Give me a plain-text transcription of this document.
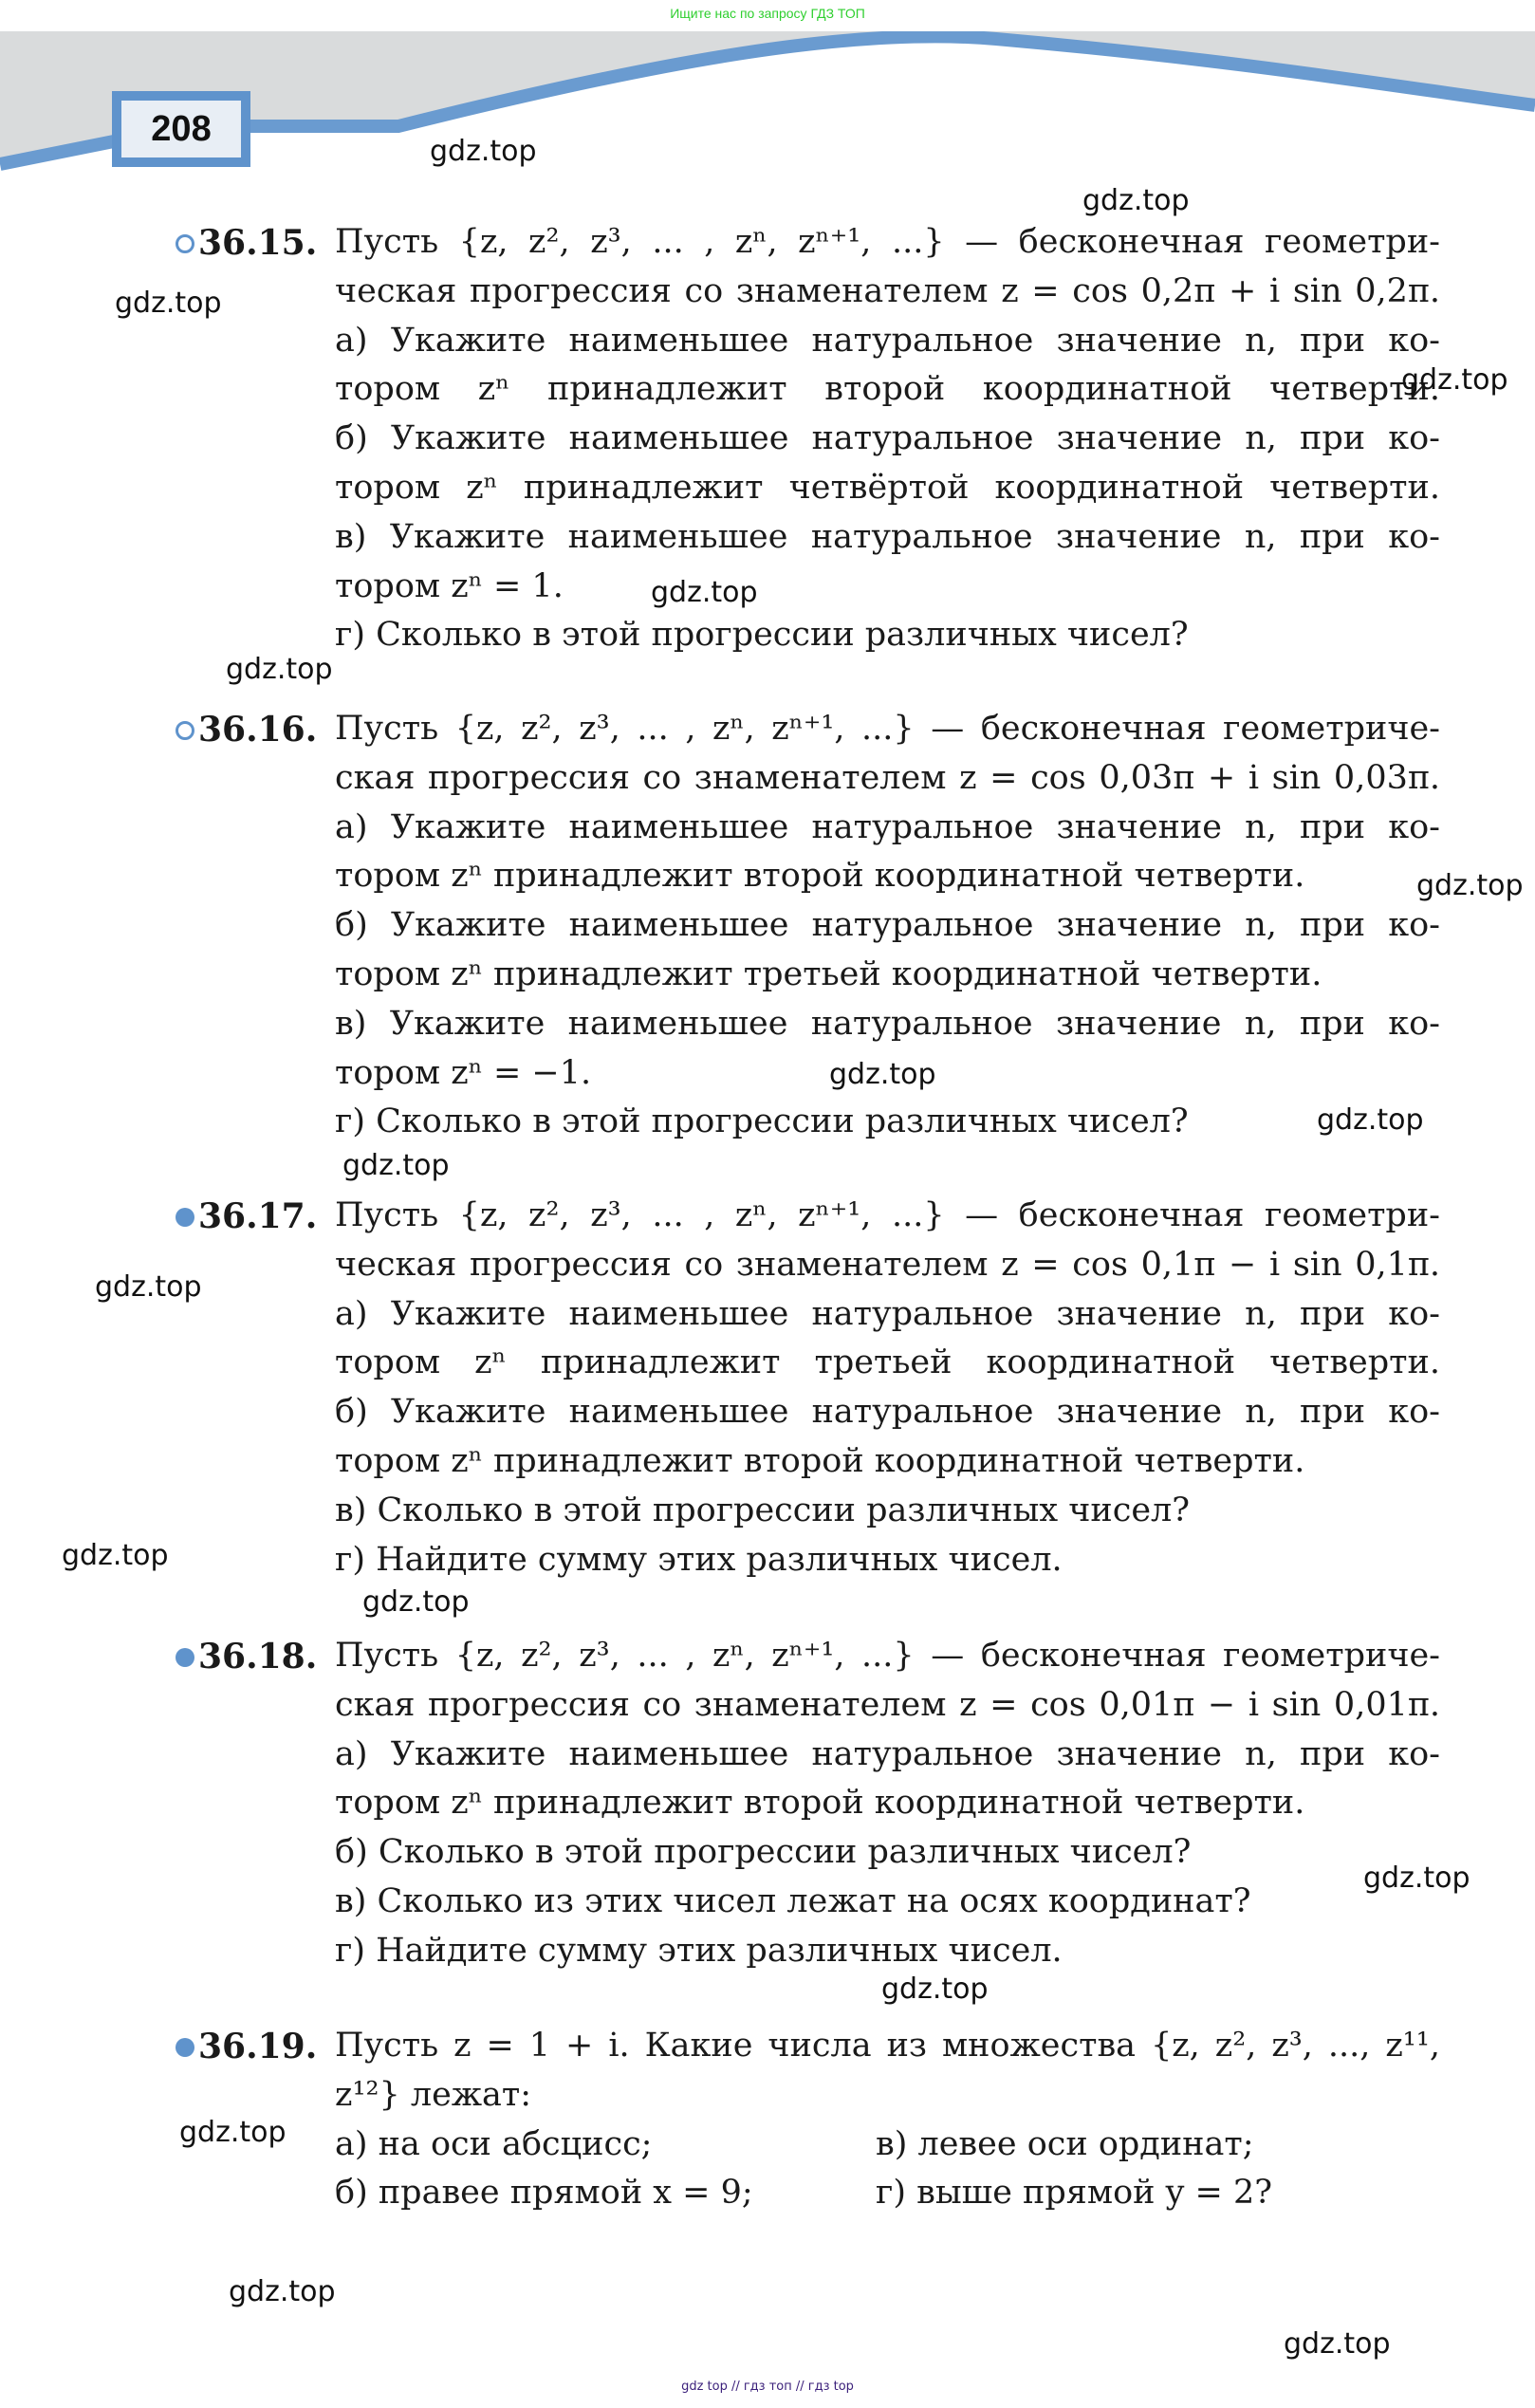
Ищите нас по запросу ГДЗ ТОП
208
36.15. Пусть {z, z², z³, ... , zⁿ, zⁿ⁺¹, ...} — бесконечная геометри-
ческая прогрессия со знаменателем z = cos 0,2π + i sin 0,2π.
а) Укажите наименьшее натуральное значение n, при ко-
тором zⁿ принадлежит второй координатной четверти.
б) Укажите наименьшее натуральное значение n, при ко-
тором zⁿ принадлежит четвёртой координатной четверти.
в) Укажите наименьшее натуральное значение n, при ко-
тором zⁿ = 1.
г) Сколько в этой прогрессии различных чисел?
36.16. Пусть {z, z², z³, ... , zⁿ, zⁿ⁺¹, ...} — бесконечная геометриче-
ская прогрессия со знаменателем z = cos 0,03π + i sin 0,03π.
а) Укажите наименьшее натуральное значение n, при ко-
тором zⁿ принадлежит второй координатной четверти.
б) Укажите наименьшее натуральное значение n, при ко-
тором zⁿ принадлежит третьей координатной четверти.
в) Укажите наименьшее натуральное значение n, при ко-
тором zⁿ = −1.
г) Сколько в этой прогрессии различных чисел?
36.17. Пусть {z, z², z³, ... , zⁿ, zⁿ⁺¹, ...} — бесконечная геометри-
ческая прогрессия со знаменателем z = cos 0,1π − i sin 0,1π.
а) Укажите наименьшее натуральное значение n, при ко-
тором zⁿ принадлежит третьей координатной четверти.
б) Укажите наименьшее натуральное значение n, при ко-
тором zⁿ принадлежит второй координатной четверти.
в) Сколько в этой прогрессии различных чисел?
г) Найдите сумму этих различных чисел.
36.18. Пусть {z, z², z³, ... , zⁿ, zⁿ⁺¹, ...} — бесконечная геометриче-
ская прогрессия со знаменателем z = cos 0,01π − i sin 0,01π.
а) Укажите наименьшее натуральное значение n, при ко-
тором zⁿ принадлежит второй координатной четверти.
б) Сколько в этой прогрессии различных чисел?
в) Сколько из этих чисел лежат на осях координат?
г) Найдите сумму этих различных чисел.
36.19. Пусть z = 1 + i. Какие числа из множества {z, z², z³, ..., z¹¹,
z¹²} лежат:
а) на оси абсцисс;
б) правее прямой x = 9;
в) левее оси ординат;
г) выше прямой y = 2?
gdz.top
gdz.top
gdz.top
gdz.top
gdz.top
gdz.top
gdz.top
gdz.top
gdz.top
gdz.top
gdz.top
gdz.top
gdz.top
gdz.top
gdz.top
gdz.top
gdz.top
gdz.top
gdz top // гдз топ // гдз top
